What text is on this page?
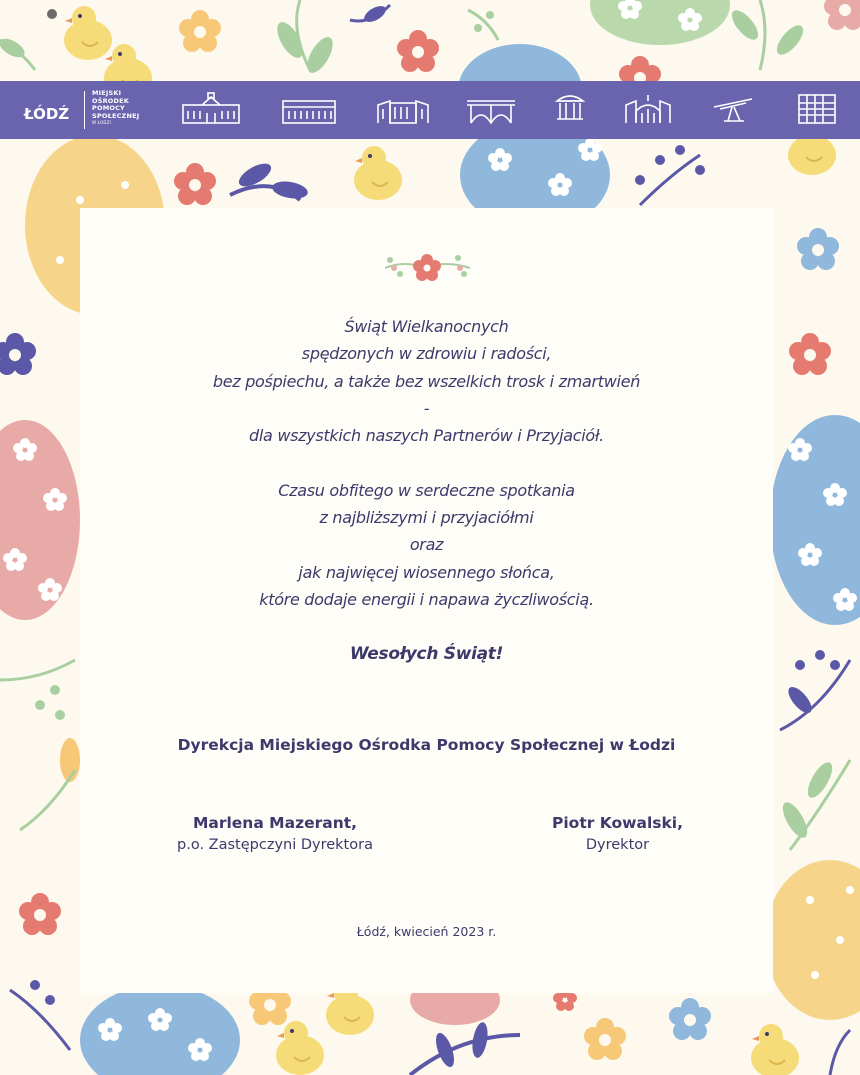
ŁÓDŹ
MIEJSKI
OŚRODEK
POMOCY
SPOŁECZNEJ
W ŁODZI
Świąt Wielkanocnych
spędzonych w zdrowiu i radości,
bez pośpiechu, a także bez wszelkich trosk i zmartwień
-
dla wszystkich naszych Partnerów i Przyjaciół.

Czasu obfitego w serdeczne spotkania
z najbliższymi i przyjaciółmi
oraz
jak najwięcej wiosennego słońca,
które dodaje energii i napawa życzliwością.

Wesołych Świąt!
Dyrekcja Miejskiego Ośrodka Pomocy Społecznej w Łodzi
Marlena Mazerant,
p.o. Zastępczyni Dyrektora
Piotr Kowalski,
Dyrektor
Łódź, kwiecień 2023 r.
